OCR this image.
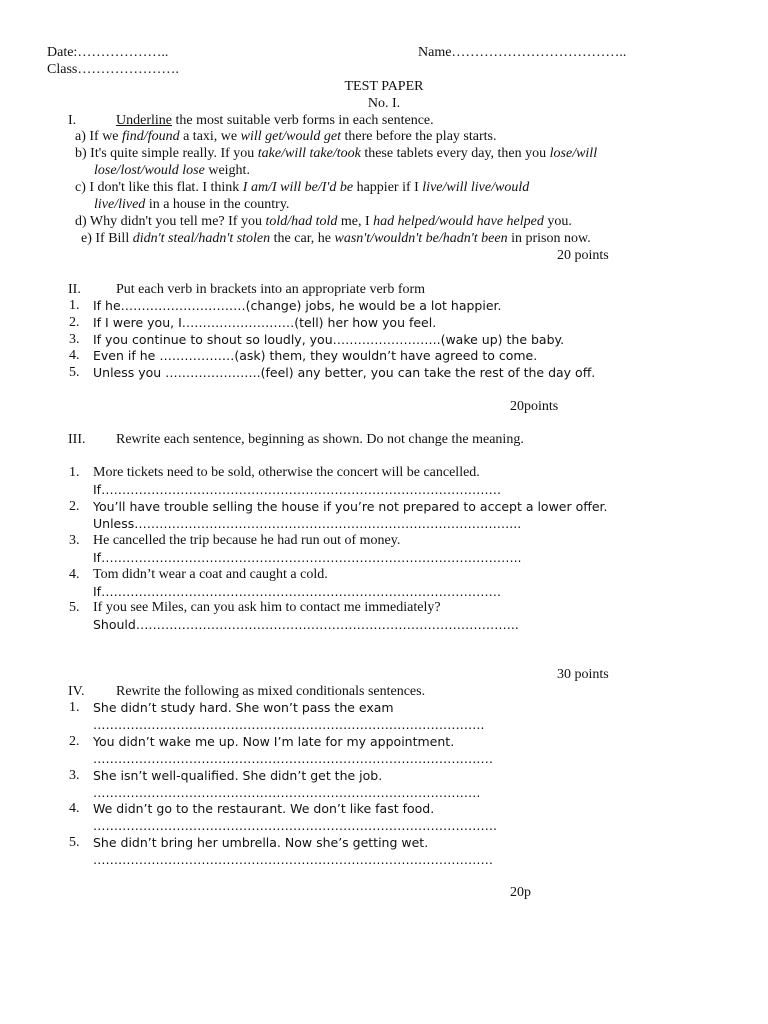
Date:………………..	Name………………………………..
Class………………….
TEST PAPER
No. I.
I.	Underline the most suitable verb forms in each sentence.
a) If we find/found a taxi, we will get/would get there before the play starts.
b) It's quite simple really. If you take/will take/took these tablets every day, then you lose/will
lose/lost/would lose weight.
c) I don't like this flat. I think I am/I will be/I'd be happier if I live/will live/would
live/lived in a house in the country.
d) Why didn't you tell me? If you told/had told me, I had helped/would have helped you.
e) If Bill didn't steal/hadn't stolen the car, he wasn't/wouldn't be/hadn't been in prison now.
20 points
II.	Put each verb in brackets into an appropriate verb form
1. If he…………………………(change) jobs, he would be a lot happier.
2. If I were you, I………………………(tell) her how you feel.
3. If you continue to shout so loudly, you……………………..(wake up) the baby.
4. Even if he ………………(ask) them, they wouldn’t have agreed to come.
5. Unless you …………………..(feel) any better, you can take the rest of the day off.
20points
III. Rewrite each sentence, beginning as shown. Do not change the meaning.
1. More tickets need to be sold, otherwise the concert will be cancelled.
If……………………………………………………………………………………
2. You’ll have trouble selling the house if you’re not prepared to accept a lower offer.
Unless………………………………………………………………………………...
3. He cancelled the trip because he had run out of money.
If………………………………………………………………………………………..
4. Tom didn’t wear a coat and caught a cold.
If……………………………………………………………………………………
5. If you see Miles, can you ask him to contact me immediately?
Should………………………………………………………………………………..
30 points
IV. Rewrite the following as mixed conditionals sentences.
1. She didn’t study hard. She won’t pass the exam
………………………………………………………………………………….
2. You didn’t wake me up. Now I’m late for my appointment.
……………………………………………………………………………………
3. She isn’t well-qualified. She didn’t get the job.
…………………………………………………………………………………
4. We didn’t go to the restaurant. We don’t like fast food.
…………………………………………………………………………………….
5. She didn’t bring her umbrella. Now she’s getting wet.
……………………………………………………………………………………
20p
